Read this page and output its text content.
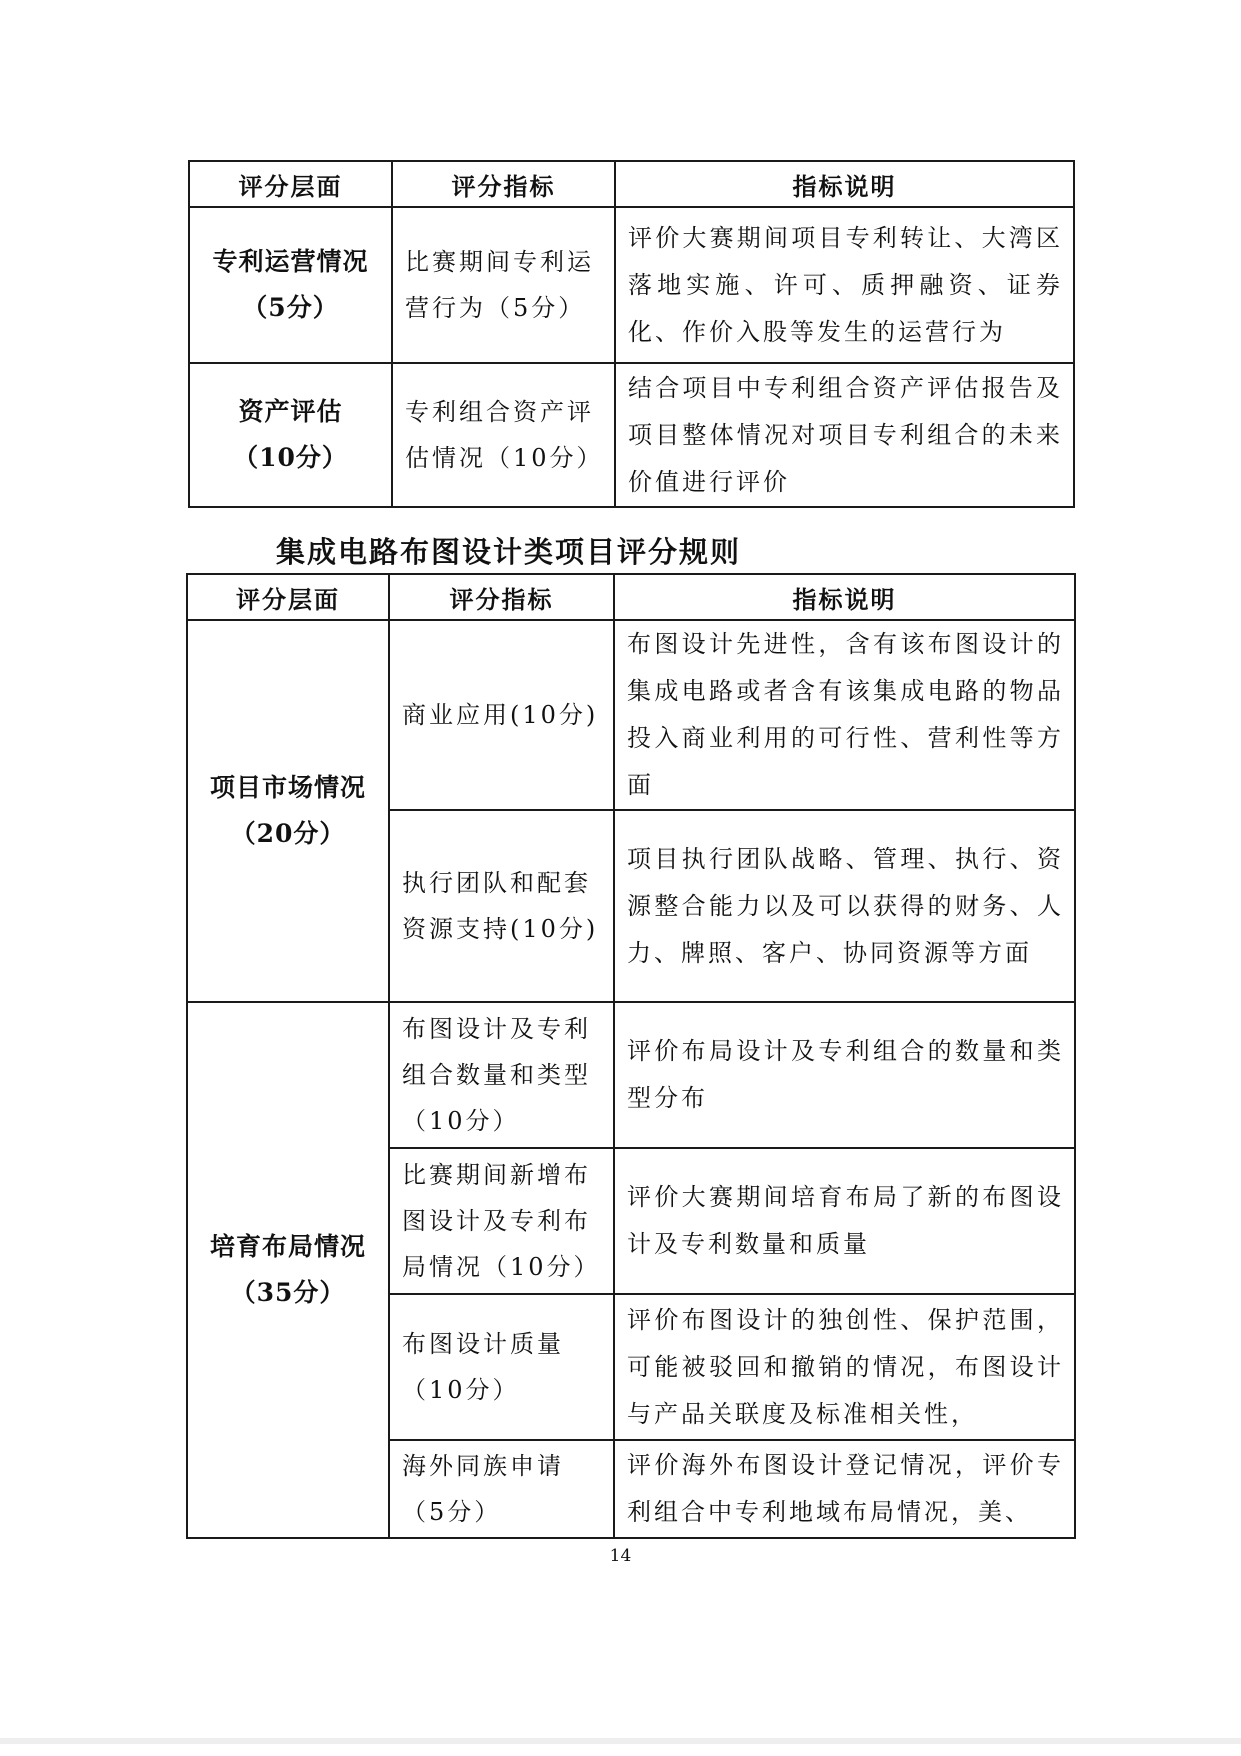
评分层面	评分指标	指标说明

专利运营情况
（5分）	比赛期间专利运营行为（5分）	评价大赛期间项目专利转让、大湾区落地实施、许可、质押融资、证券化、作价入股等发生的运营行为

资产评估
（10分）	专利组合资产评估情况（10分）	结合项目中专利组合资产评估报告及项目整体情况对项目专利组合的未来价值进行评价
集成电路布图设计类项目评分规则
评分层面	评分指标	指标说明

项目市场情况
（20分）	商业应用(10分)	布图设计先进性，含有该布图设计的集成电路或者含有该集成电路的物品投入商业利用的可行性、营利性等方面
	执行团队和配套资源支持(10分)	项目执行团队战略、管理、执行、资源整合能力以及可以获得的财务、人力、牌照、客户、协同资源等方面

培育布局情况
（35分）	布图设计及专利组合数量和类型（10分）	评价布局设计及专利组合的数量和类型分布
	比赛期间新增布图设计及专利布局情况（10分）	评价大赛期间培育布局了新的布图设计及专利数量和质量
	布图设计质量（10分）	评价布图设计的独创性、保护范围，可能被驳回和撤销的情况，布图设计与产品关联度及标准相关性，
	海外同族申请（5分）	评价海外布图设计登记情况，评价专利组合中专利地域布局情况，美、
14
